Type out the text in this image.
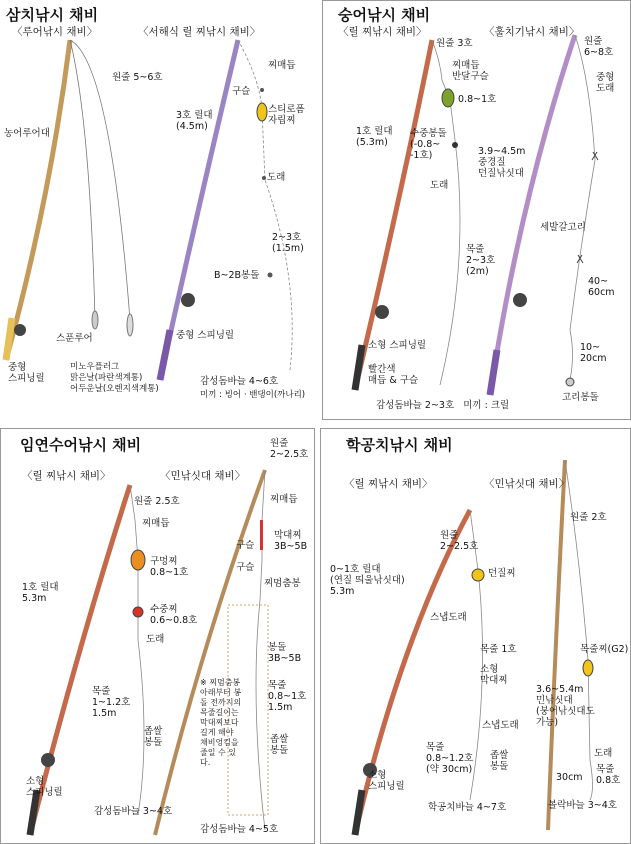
삼치낚시 채비
〈루어낚시 채비〉	〈서해식 릴 찌낚시 채비〉
원줄 5~6호
농어루어대
스푼루어
미노우플러그
맑은날(파란색계통)
어두운날(오렌지색계통)
중형
스피닝릴
찌매듭
구슬
스티로폼
자립찌
3호 릴대
(4.5m)
도래
2~3호
(1.5m)
B~2B봉돌
중형 스피닝릴
감성돔바늘 4~6호
미끼 : 빙어 · 밴댕이(까나리)
숭어낚시 채비
〈릴 찌낚시 채비〉	〈훌치기낚시 채비〉
원줄 3호
찌매듭
반달구슬
0.8~1호
1호 릴대
(5.3m)
수중봉돌
(-0.8~
-1호)
도래
목줄
2~3호
(2m)
소형 스피닝릴
빨간색
매듭 & 구슬
감성돔바늘 2~3호   미끼 : 크릴
원줄
6~8호
중형
도래
3.9~4.5m
중경질
던질낚싯대
세발갈고리
40~
60cm
10~
20cm
고리봉돌
임연수어낚시 채비
〈릴 찌낚시 채비〉	〈민낚싯대 채비〉
원줄 2.5호
찌매듭
구멍찌
0.8~1호
수중찌
0.6~0.8호
도래
1호 릴대
5.3m
목줄
1~1.2호
1.5m
좁쌀
봉돌
소형
스피닝릴
감성돔바늘 3~4호
원줄
2~2.5호
찌매듭
구슬
막대찌
3B~5B
구슬
찌멈춤봉
봉돌
3B~5B
목줄
0.8~1호
1.5m
※ 찌멈춤봉
아래부터 봉
돌 전까지의
목줄길이는
막대찌보다
길게 해야
채비엉킴을
줄일 수 있
다.
좁쌀
봉돌
감성돔바늘 4~5호
학공치낚시 채비
〈릴 찌낚시 채비〉	〈민낚싯대 채비〉
원줄
2~2.5호
던질찌
0~1호 릴대
(연질 띄울낚싯대)
5.3m
스냅도래
목줄 1호
소형
막대찌
스냅도래
좁쌀
봉돌
목줄
0.8~1.2호
(약 30cm)
소형
스피닝릴
학공치바늘 4~7호
원줄 2호
목줄찌(G2)
3.6~5.4m
민낚싯대
(붕어낚싯대도
가능)
도래
목줄
0.8호
30cm
볼락바늘 3~4호
